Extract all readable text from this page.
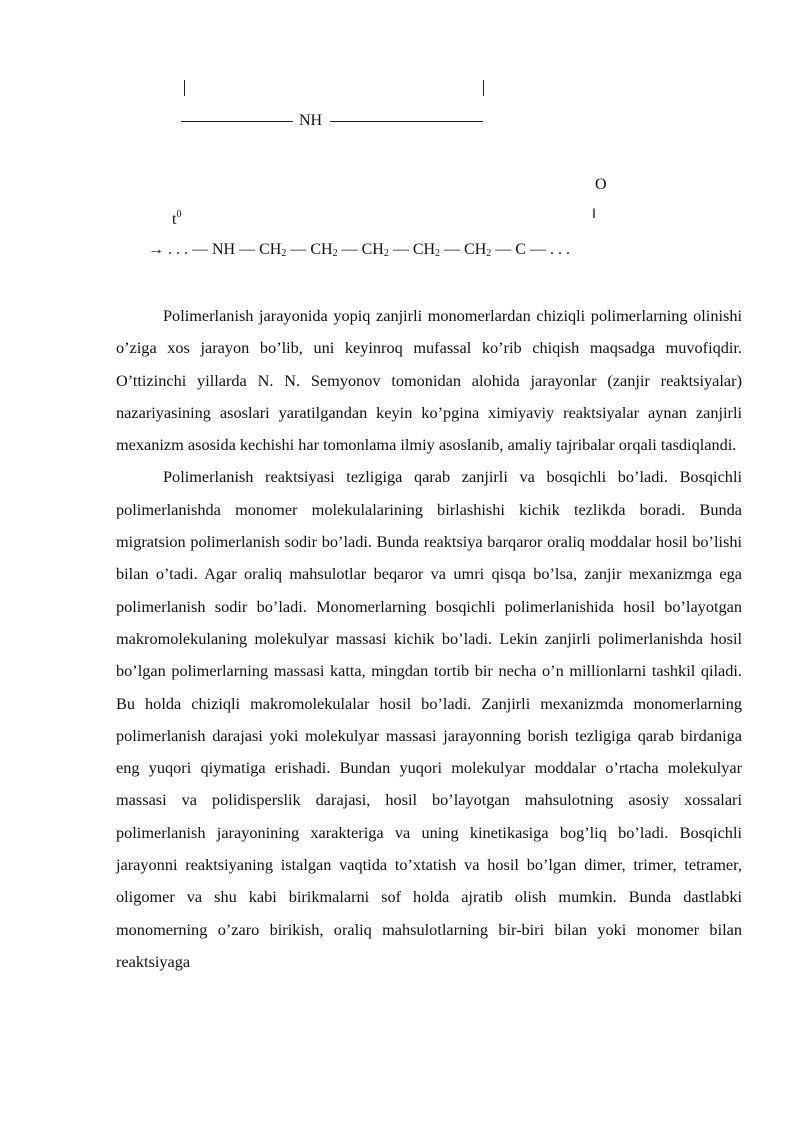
NH
O
‖
$t^0$
→ . . . — NH — $CH_2$ — $CH_2$ — $CH_2$ — $CH_2$ — $CH_2$ — C — . . .

Polimerlanish jarayonida yopiq zanjirli monomerlardan chiziqli polimerlarning olinishi o’ziga xos jarayon bo’lib, uni keyinroq mufassal ko’rib chiqish maqsadga muvofiqdir. O’ttizinchi yillarda N. N. Semyonov tomonidan alohida jarayonlar (zanjir reaktsiyalar) nazariyasining asoslari yaratilgandan keyin ko’pgina ximiyaviy reaktsiyalar aynan zanjirli mexanizm asosida kechishi har tomonlama ilmiy asoslanib, amaliy tajribalar orqali tasdiqlandi.

Polimerlanish reaktsiyasi tezligiga qarab zanjirli va bosqichli bo’ladi. Bosqichli polimerlanishda monomer molekulalarining birlashishi kichik tezlikda boradi. Bunda migratsion polimerlanish sodir bo’ladi. Bunda reaktsiya barqaror oraliq moddalar hosil bo’lishi bilan o’tadi. Agar oraliq mahsulotlar beqaror va umri qisqa bo’lsa, zanjir mexanizmga ega polimerlanish sodir bo’ladi. Monomerlarning bosqichli polimerlanishida hosil bo’layotgan makromolekulaning molekulyar massasi kichik bo’ladi. Lekin zanjirli polimerlanishda hosil bo’lgan polimerlarning massasi katta, mingdan tortib bir necha o’n millionlarni tashkil qiladi. Bu holda chiziqli makromolekulalar hosil bo’ladi. Zanjirli mexanizmda monomerlarning polimerlanish darajasi yoki molekulyar massasi jarayonning borish tezligiga qarab birdaniga eng yuqori qiymatiga erishadi. Bundan yuqori molekulyar moddalar o’rtacha molekulyar massasi va polidisperslik darajasi, hosil bo’layotgan mahsulotning asosiy xossalari polimerlanish jarayonining xarakteriga va uning kinetikasiga bog’liq bo’ladi. Bosqichli jarayonni reaktsiyaning istalgan vaqtida to’xtatish va hosil bo’lgan dimer, trimer, tetramer, oligomer va shu kabi birikmalarni sof holda ajratib olish mumkin. Bunda dastlabki monomerning o’zaro birikish, oraliq mahsulotlarning bir-biri bilan yoki monomer bilan reaktsiyaga
